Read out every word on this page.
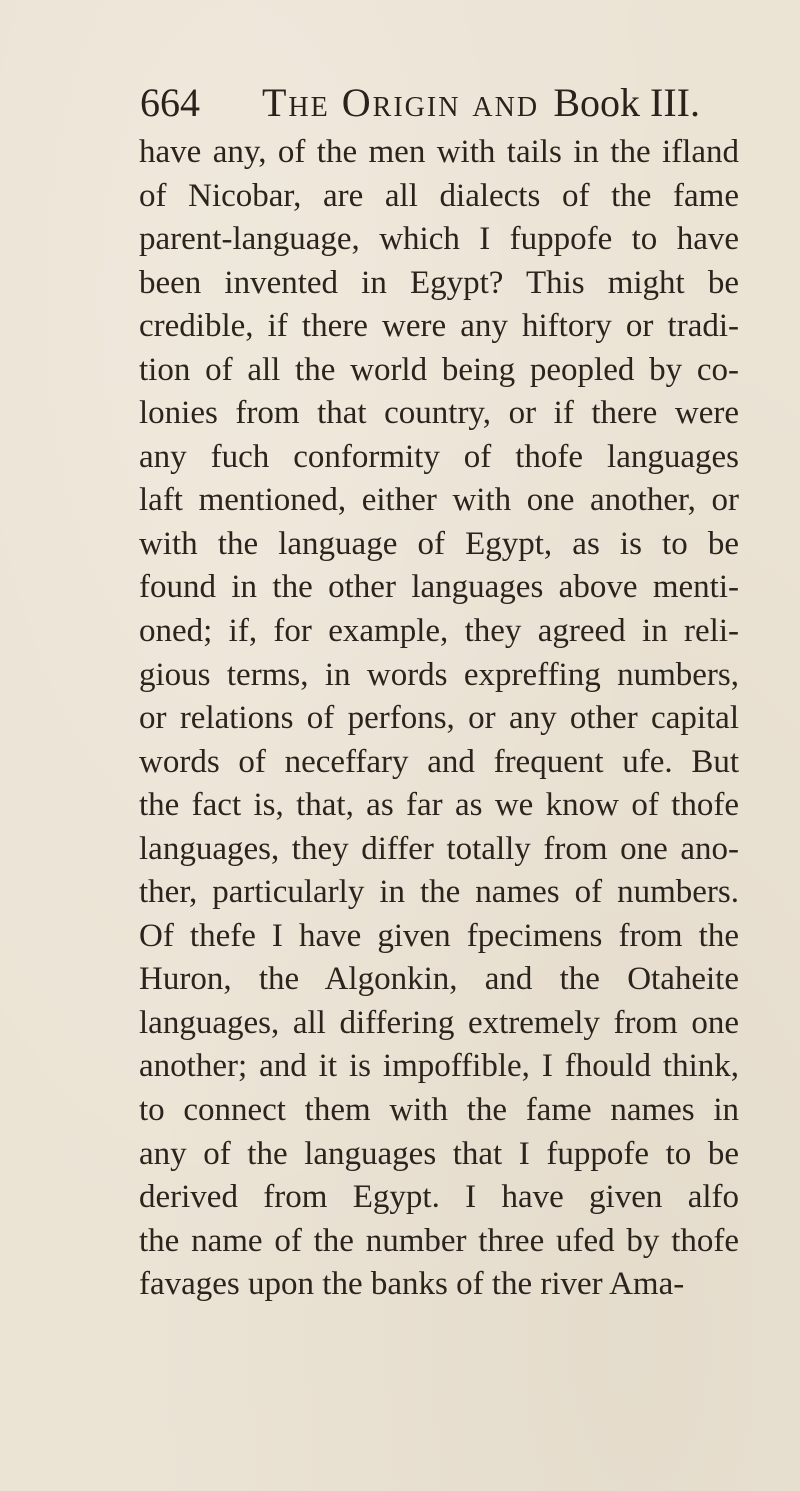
664 The Origin and Book III.
have any, of the men with tails in the ifland
of Nicobar, are all dialects of the fame
parent-language, which I fuppofe to have
been invented in Egypt? This might be
credible, if there were any hiftory or tradi-
tion of all the world being peopled by co-
lonies from that country, or if there were
any fuch conformity of thofe languages
laft mentioned, either with one another, or
with the language of Egypt, as is to be
found in the other languages above menti-
oned; if, for example, they agreed in reli-
gious terms, in words expreffing numbers,
or relations of perfons, or any other capital
words of neceffary and frequent ufe. But
the fact is, that, as far as we know of thofe
languages, they differ totally from one ano-
ther, particularly in the names of numbers.
Of thefe I have given fpecimens from the
Huron, the Algonkin, and the Otaheite
languages, all differing extremely from one
another; and it is impoffible, I fhould think,
to connect them with the fame names in
any of the languages that I fuppofe to be
derived from Egypt. I have given alfo
the name of the number three ufed by thofe
favages upon the banks of the river Ama-
